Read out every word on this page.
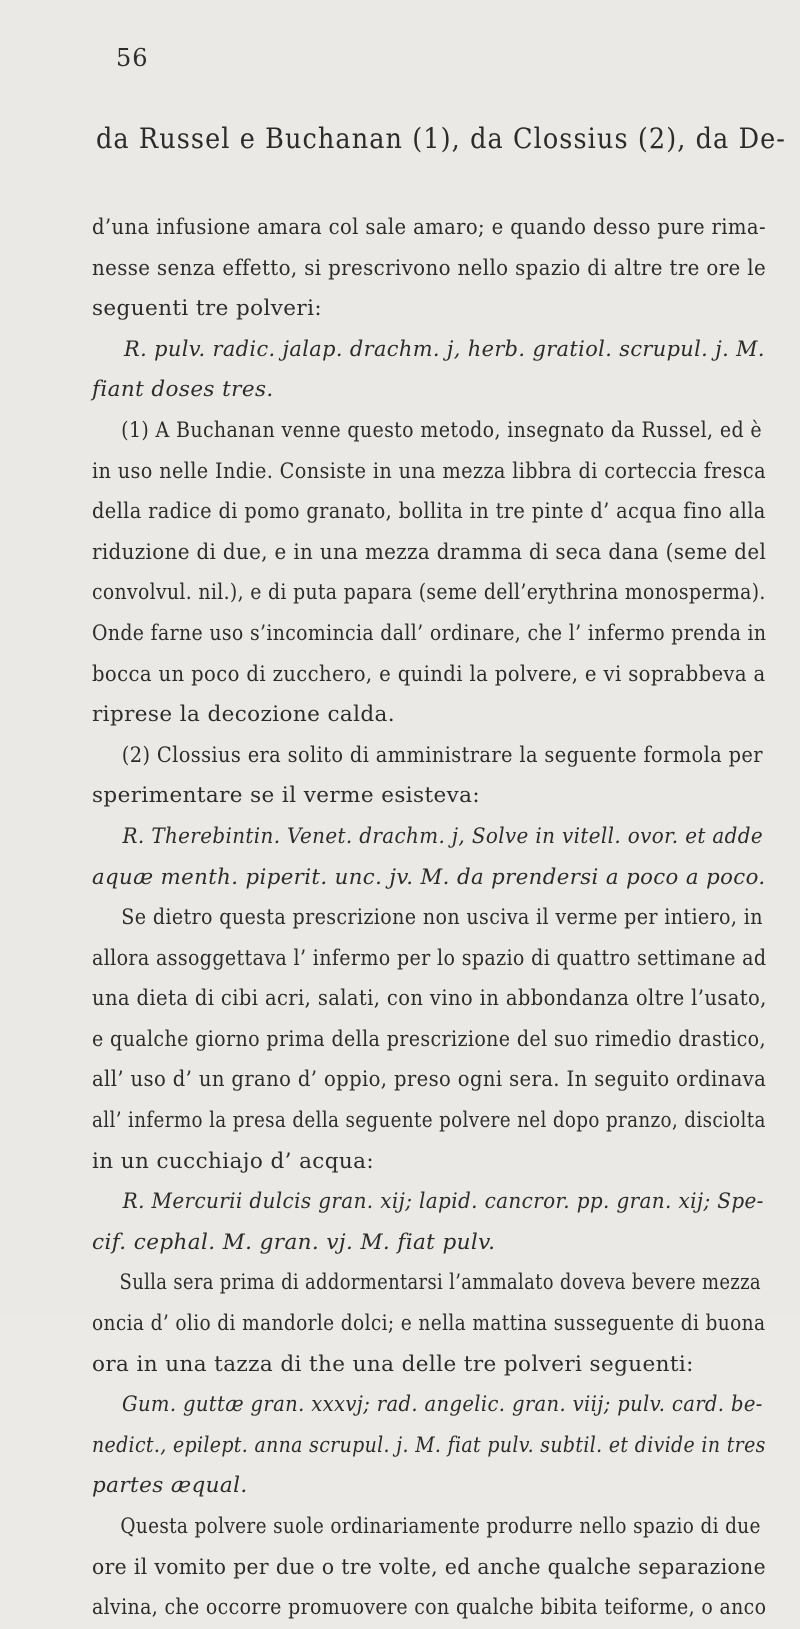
56
da Russel e Buchanan (1), da Clossius (2), da De-
d’una infusione amara col sale amaro; e quando desso pure rima-
nesse senza effetto, si prescrivono nello spazio di altre tre ore le
seguenti tre polveri:
R. pulv. radic. jalap. drachm. j, herb. gratiol. scrupul. j. M.
fiant doses tres.
(1) A Buchanan venne questo metodo, insegnato da Russel, ed è
in uso nelle Indie. Consiste in una mezza libbra di corteccia fresca
della radice di pomo granato, bollita in tre pinte d’ acqua fino alla
riduzione di due, e in una mezza dramma di seca dana (seme del
convolvul. nil.), e di puta papara (seme dell’erythrina monosperma).
Onde farne uso s’incomincia dall’ ordinare, che l’ infermo prenda in
bocca un poco di zucchero, e quindi la polvere, e vi soprabbeva a
riprese la decozione calda.
(2) Clossius era solito di amministrare la seguente formola per
sperimentare se il verme esisteva:
R. Therebintin. Venet. drachm. j, Solve in vitell. ovor. et adde
aquæ menth. piperit. unc. jv. M. da prendersi a poco a poco.
Se dietro questa prescrizione non usciva il verme per intiero, in
allora assoggettava l’ infermo per lo spazio di quattro settimane ad
una dieta di cibi acri, salati, con vino in abbondanza oltre l’usato,
e qualche giorno prima della prescrizione del suo rimedio drastico,
all’ uso d’ un grano d’ oppio, preso ogni sera. In seguito ordinava
all’ infermo la presa della seguente polvere nel dopo pranzo, disciolta
in un cucchiajo d’ acqua:
R. Mercurii dulcis gran. xij; lapid. cancror. pp. gran. xij; Spe-
cif. cephal. M. gran. vj. M. fiat pulv.
Sulla sera prima di addormentarsi l’ammalato doveva bevere mezza
oncia d’ olio di mandorle dolci; e nella mattina susseguente di buona
ora in una tazza di the una delle tre polveri seguenti:
Gum. guttæ gran. xxxvj; rad. angelic. gran. viij; pulv. card. be-
nedict., epilept. anna scrupul. j. M. fiat pulv. subtil. et divide in tres
partes æqual.
Questa polvere suole ordinariamente produrre nello spazio di due
ore il vomito per due o tre volte, ed anche qualche separazione
alvina, che occorre promuovere con qualche bibita teiforme, o anco
